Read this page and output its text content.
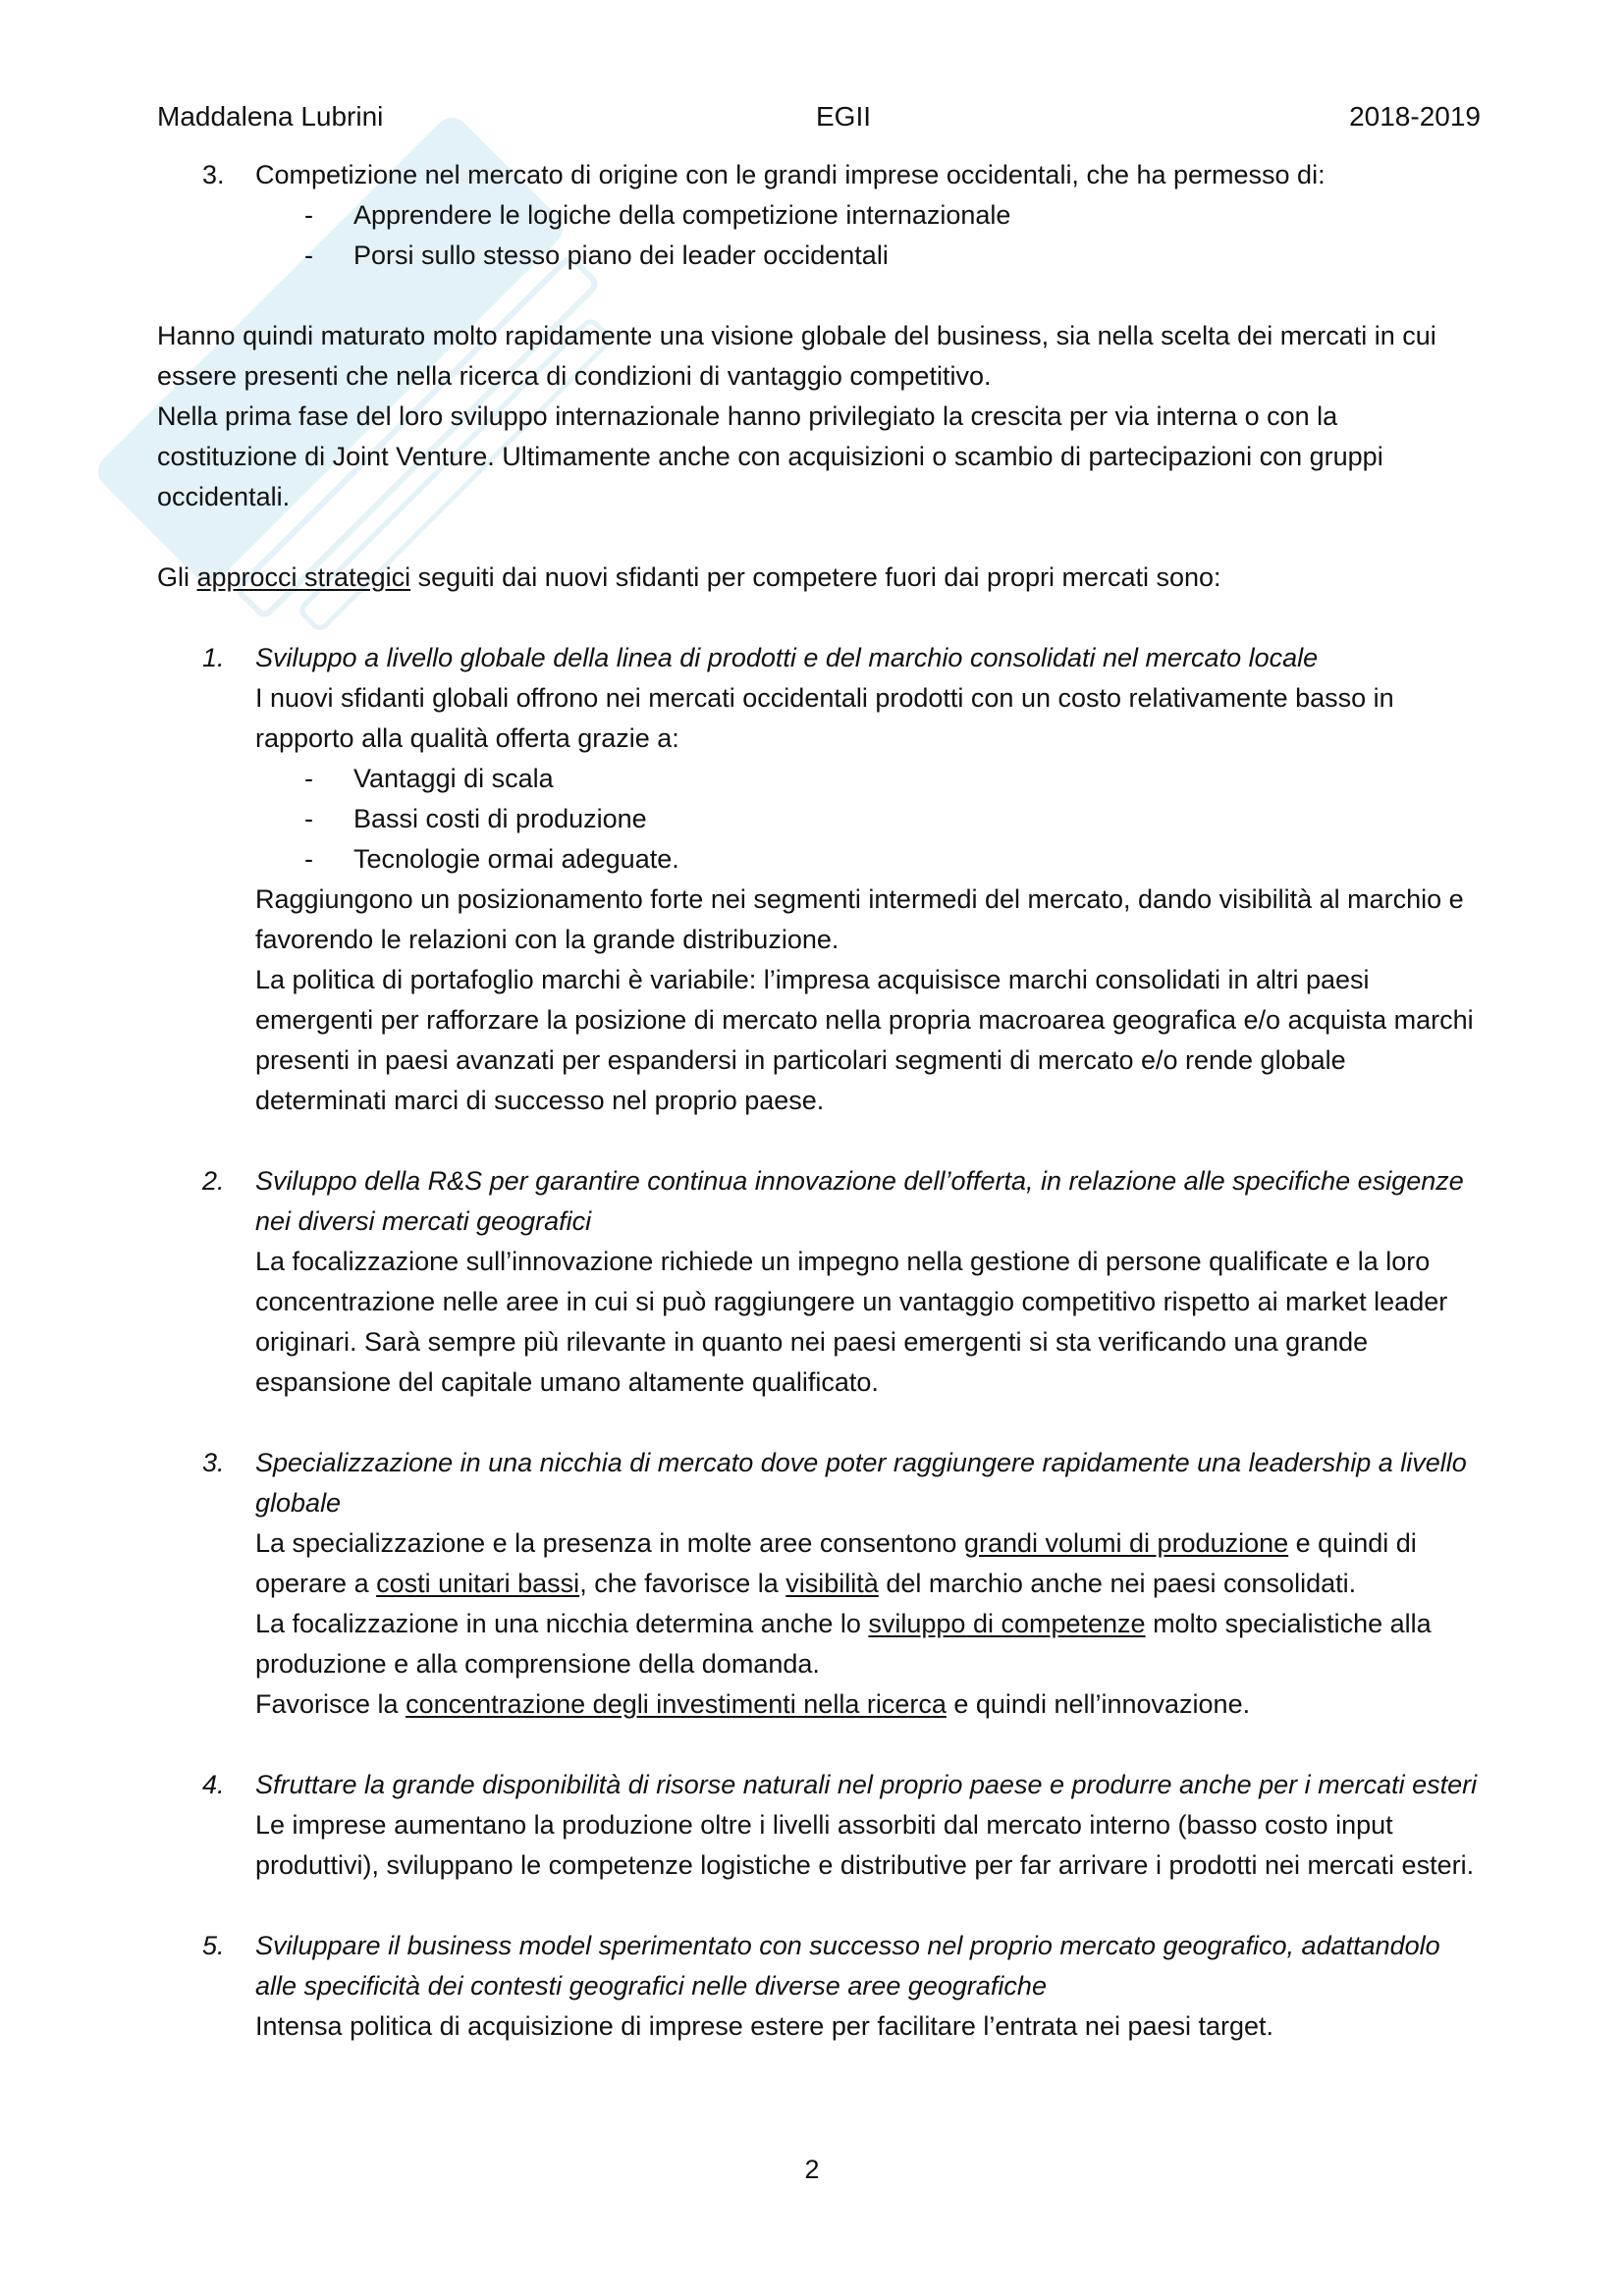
Maddalena Lubrini	EGII	2018-2019
3. Competizione nel mercato di origine con le grandi imprese occidentali, che ha permesso di:
- Apprendere le logiche della competizione internazionale
- Porsi sullo stesso piano dei leader occidentali

Hanno quindi maturato molto rapidamente una visione globale del business, sia nella scelta dei mercati in cui essere presenti che nella ricerca di condizioni di vantaggio competitivo.

Nella prima fase del loro sviluppo internazionale hanno privilegiato la crescita per via interna o con la costituzione di Joint Venture. Ultimamente anche con acquisizioni o scambio di partecipazioni con gruppi occidentali.

Gli approcci strategici seguiti dai nuovi sfidanti per competere fuori dai propri mercati sono:

1. Sviluppo a livello globale della linea di prodotti e del marchio consolidati nel mercato locale

I nuovi sfidanti globali offrono nei mercati occidentali prodotti con un costo relativamente basso in rapporto alla qualità offerta grazie a:

- Vantaggi di scala
- Bassi costi di produzione
- Tecnologie ormai adeguate.

Raggiungono un posizionamento forte nei segmenti intermedi del mercato, dando visibilità al marchio e favorendo le relazioni con la grande distribuzione.

La politica di portafoglio marchi è variabile: l’impresa acquisisce marchi consolidati in altri paesi emergenti per rafforzare la posizione di mercato nella propria macroarea geografica e/o acquista marchi presenti in paesi avanzati per espandersi in particolari segmenti di mercato e/o rende globale determinati marci di successo nel proprio paese.

2. Sviluppo della R&S per garantire continua innovazione dell’offerta, in relazione alle specifiche esigenze nei diversi mercati geografici

La focalizzazione sull’innovazione richiede un impegno nella gestione di persone qualificate e la loro concentrazione nelle aree in cui si può raggiungere un vantaggio competitivo rispetto ai market leader originari. Sarà sempre più rilevante in quanto nei paesi emergenti si sta verificando una grande espansione del capitale umano altamente qualificato.

3. Specializzazione in una nicchia di mercato dove poter raggiungere rapidamente una leadership a livello globale

La specializzazione e la presenza in molte aree consentono grandi volumi di produzione e quindi di operare a costi unitari bassi, che favorisce la visibilità del marchio anche nei paesi consolidati.

La focalizzazione in una nicchia determina anche lo sviluppo di competenze molto specialistiche alla produzione e alla comprensione della domanda.

Favorisce la concentrazione degli investimenti nella ricerca e quindi nell’innovazione.

4. Sfruttare la grande disponibilità di risorse naturali nel proprio paese e produrre anche per i mercati esteri

Le imprese aumentano la produzione oltre i livelli assorbiti dal mercato interno (basso costo input produttivi), sviluppano le competenze logistiche e distributive per far arrivare i prodotti nei mercati esteri.

5. Sviluppare il business model sperimentato con successo nel proprio mercato geografico, adattandolo alle specificità dei contesti geografici nelle diverse aree geografiche

Intensa politica di acquisizione di imprese estere per facilitare l’entrata nei paesi target.

2
